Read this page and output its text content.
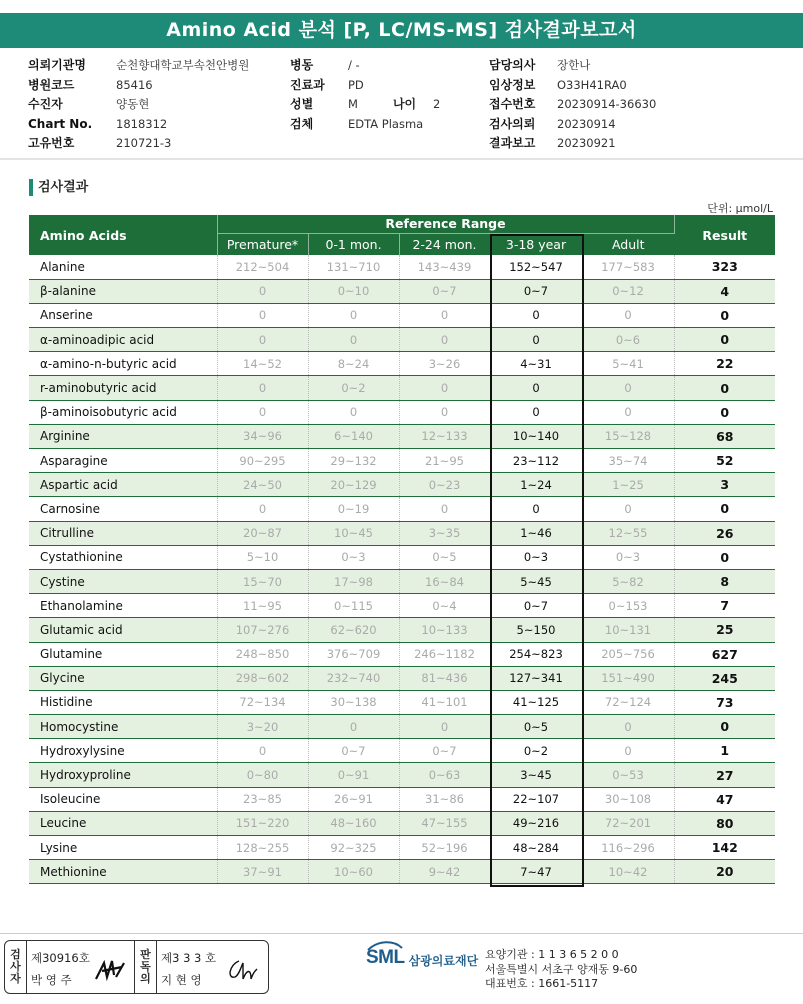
Amino Acid 분석 [P, LC/MS-MS] 검사결과보고서
의뢰기관명	순천향대학교부속천안병원
병원코드	85416
수진자	양동현
Chart No.	1818312
고유번호	210721-3
병동	/ -
진료과	PD
성별	M	나이	2
검체	EDTA Plasma
담당의사	장한나
임상정보	O33H41RA0
접수번호	20230914-36630
검사의뢰	20230914
결과보고	20230921
검사결과
단위: μmol/L
Amino Acids	Reference Range					Result
	Premature*	0-1 mon.	2-24 mon.	3-18 year	Adult	
Alanine	212~504	131~710	143~439	152~547	177~583	323
β-alanine	0	0~10	0~7	0~7	0~12	4
Anserine	0	0	0	0	0	0
α-aminoadipic acid	0	0	0	0	0~6	0
α-amino-n-butyric acid	14~52	8~24	3~26	4~31	5~41	22
r-aminobutyric acid	0	0~2	0	0	0	0
β-aminoisobutyric acid	0	0	0	0	0	0
Arginine	34~96	6~140	12~133	10~140	15~128	68
Asparagine	90~295	29~132	21~95	23~112	35~74	52
Aspartic acid	24~50	20~129	0~23	1~24	1~25	3
Carnosine	0	0~19	0	0	0	0
Citrulline	20~87	10~45	3~35	1~46	12~55	26
Cystathionine	5~10	0~3	0~5	0~3	0~3	0
Cystine	15~70	17~98	16~84	5~45	5~82	8
Ethanolamine	11~95	0~115	0~4	0~7	0~153	7
Glutamic acid	107~276	62~620	10~133	5~150	10~131	25
Glutamine	248~850	376~709	246~1182	254~823	205~756	627
Glycine	298~602	232~740	81~436	127~341	151~490	245
Histidine	72~134	30~138	41~101	41~125	72~124	73
Homocystine	3~20	0	0	0~5	0	0
Hydroxylysine	0	0~7	0~7	0~2	0	1
Hydroxyproline	0~80	0~91	0~63	3~45	0~53	27
Isoleucine	23~85	26~91	31~86	22~107	30~108	47
Leucine	151~220	48~160	47~155	49~216	72~201	80
Lysine	128~255	92~325	52~196	48~284	116~296	142
Methionine	37~91	10~60	9~42	7~47	10~42	20
검
사
자
제30916호
박 영 주
판
독
의
제3 3 3 호
지 현 영
SML 삼광의료재단 요양기관 : 1 1 3 6 5 2 0 0
서울특별시 서초구 양재동 9-60
대표번호 : 1661-5117
